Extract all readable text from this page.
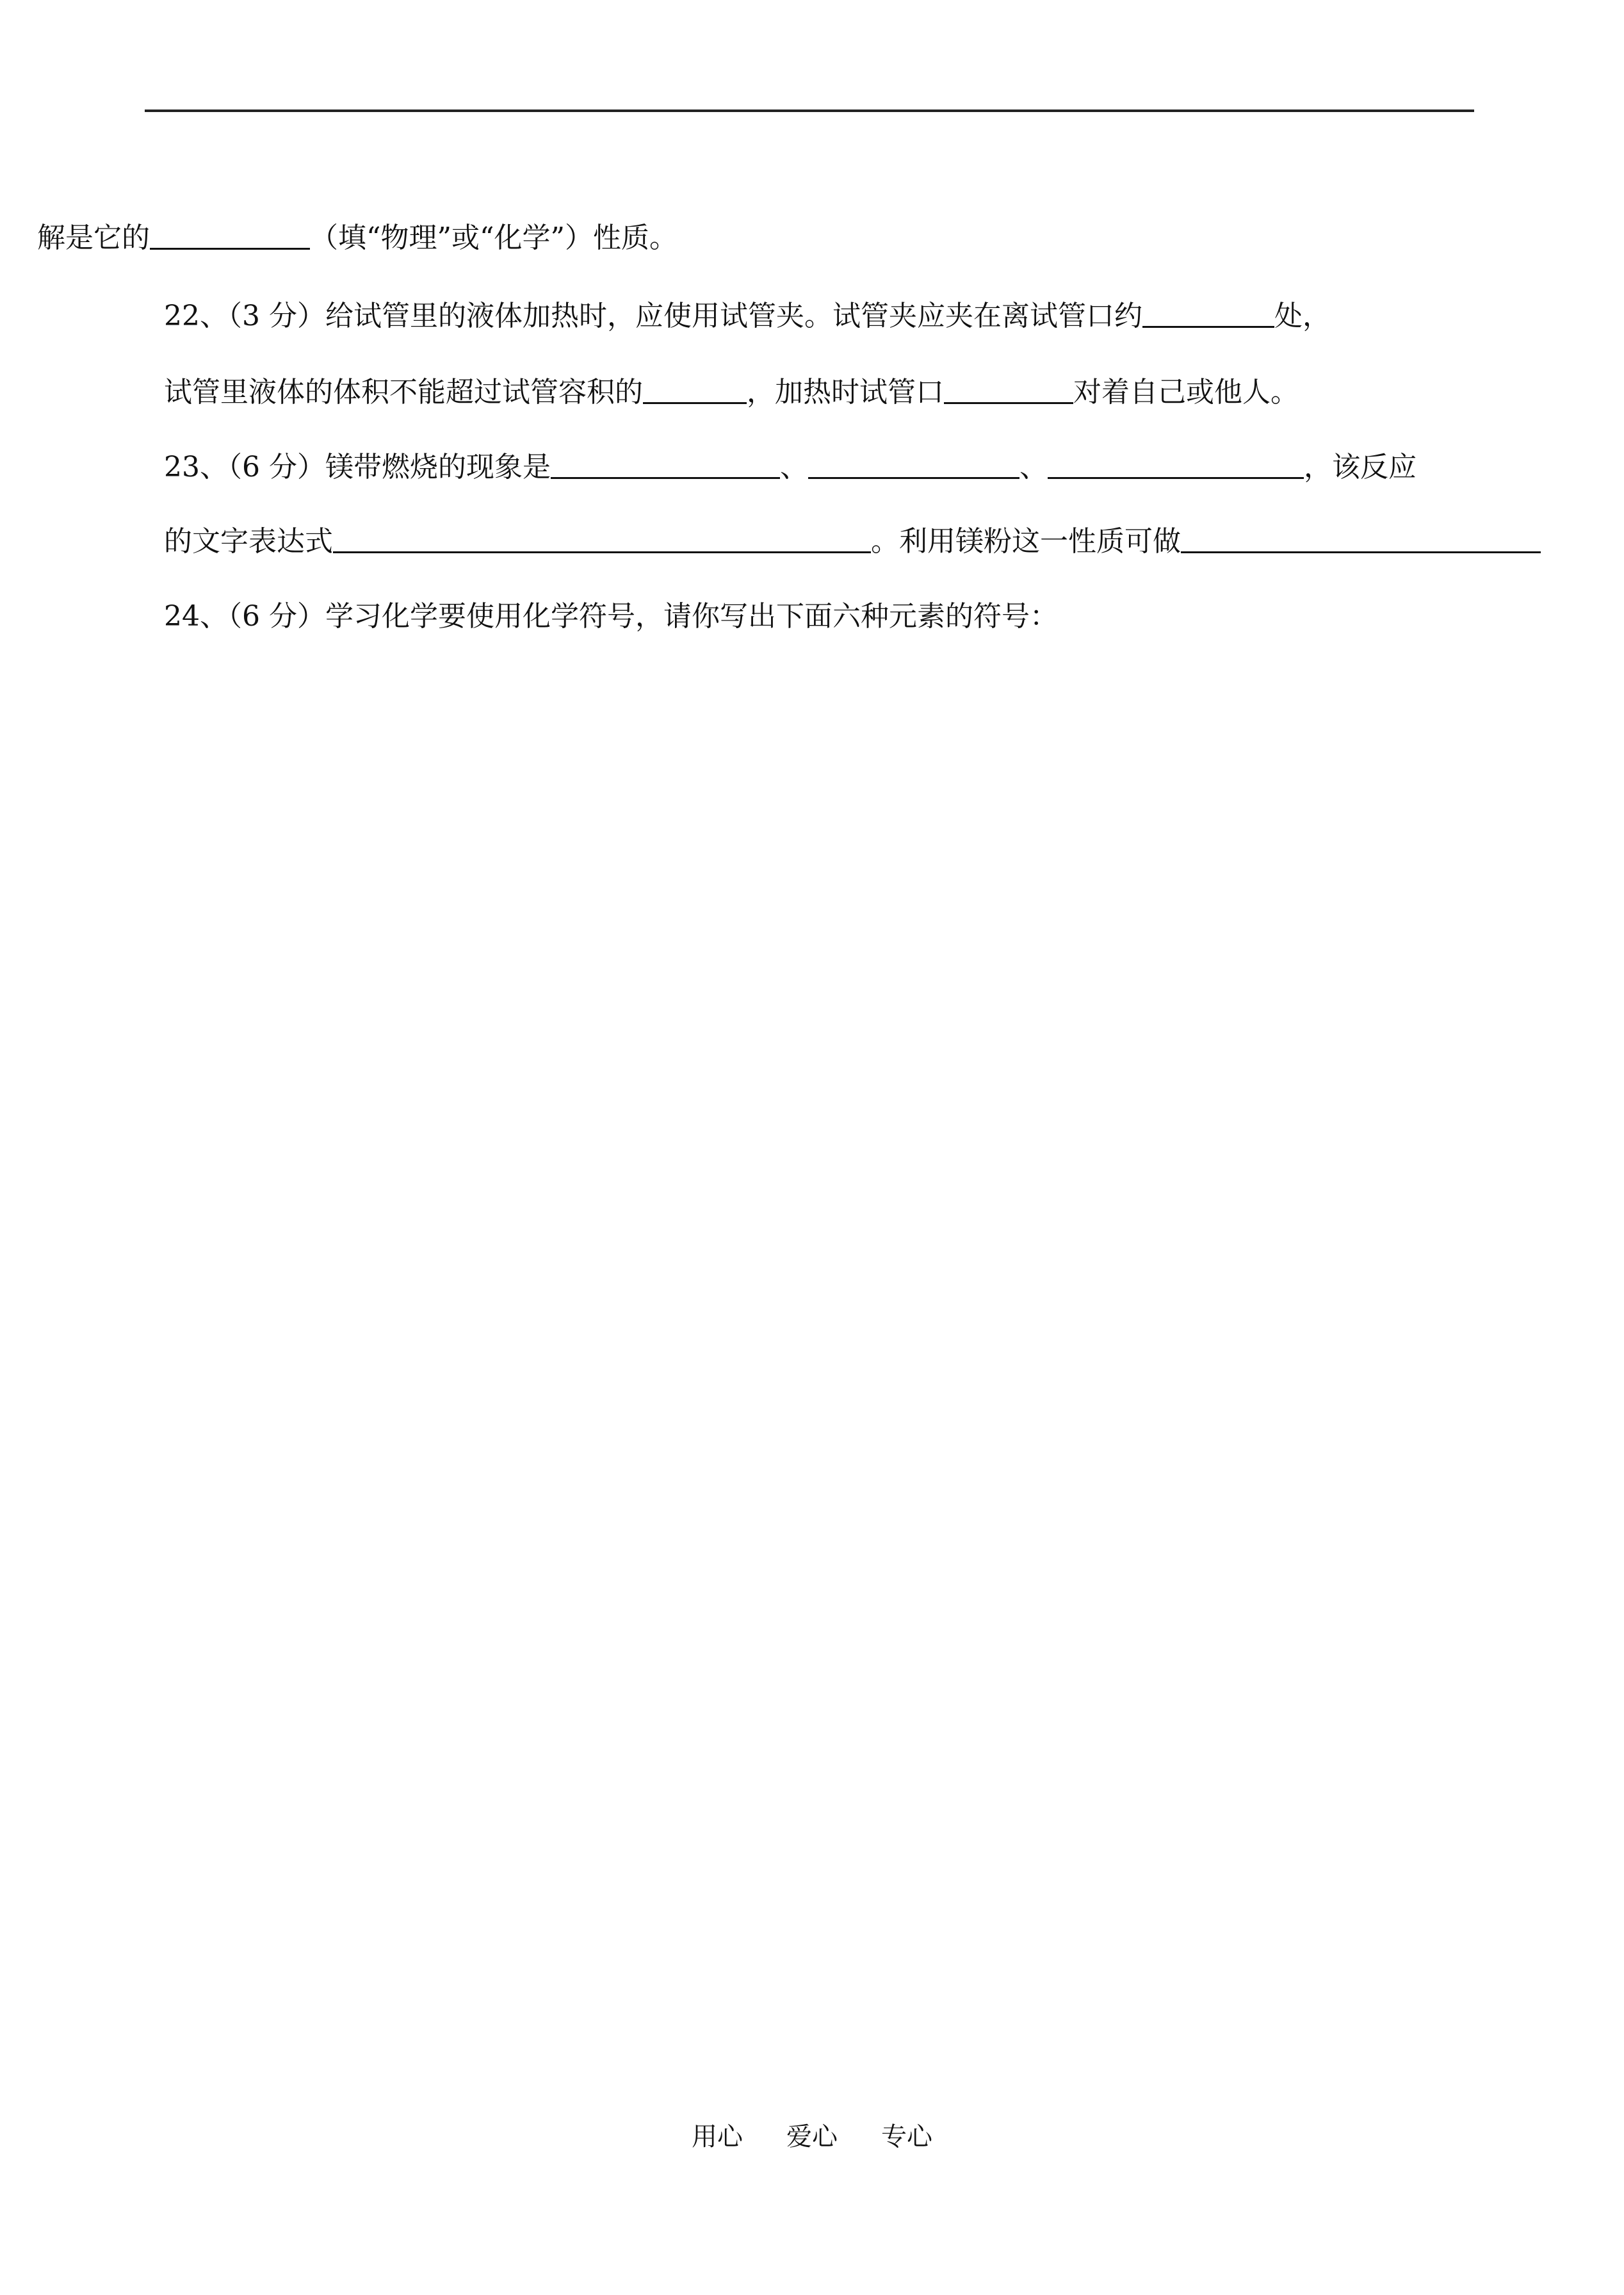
解是它的	（填“物理”或“化学”）性质。
22、（3 分）给试管里的液体加热时，应使用试管夹。试管夹应夹在离试管口约	处，
试管里液体的体积不能超过试管容积的	，加热时试管口	对着自己或他人。
23、（6 分）镁带燃烧的现象是	、	、	，该反应
的文字表达式	。利用镁粉这一性质可做
24、（6 分）学习化学要使用化学符号，请你写出下面六种元素的符号：
用心 爱心 专心
